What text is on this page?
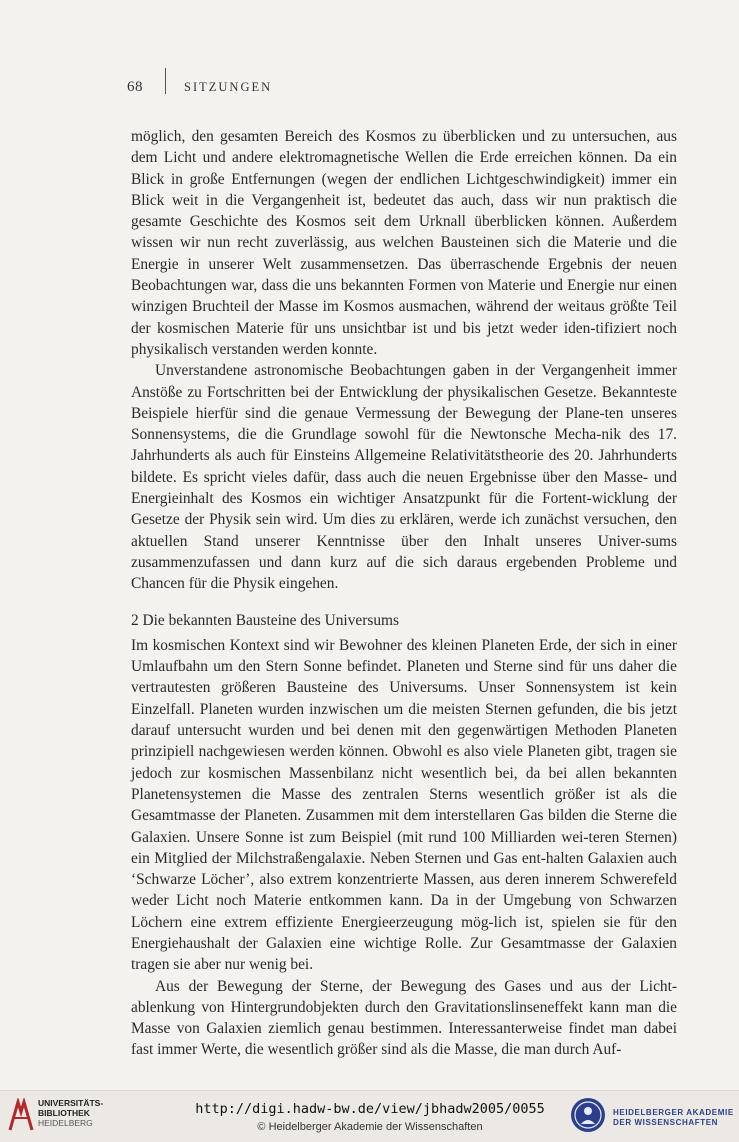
68	SITZUNGEN

möglich, den gesamten Bereich des Kosmos zu überblicken und zu untersuchen, aus dem Licht und andere elektromagnetische Wellen die Erde erreichen können. Da ein Blick in große Entfernungen (wegen der endlichen Lichtgeschwindigkeit) immer ein Blick weit in die Vergangenheit ist, bedeutet das auch, dass wir nun praktisch die gesamte Geschichte des Kosmos seit dem Urknall überblicken können. Außerdem wissen wir nun recht zuverlässig, aus welchen Bausteinen sich die Materie und die Energie in unserer Welt zusammensetzen. Das überraschende Ergebnis der neuen Beobachtungen war, dass die uns bekannten Formen von Materie und Energie nur einen winzigen Bruchteil der Masse im Kosmos ausmachen, während der weitaus größte Teil der kosmischen Materie für uns unsichtbar ist und bis jetzt weder iden-tifiziert noch physikalisch verstanden werden konnte.

Unverstandene astronomische Beobachtungen gaben in der Vergangenheit immer Anstöße zu Fortschritten bei der Entwicklung der physikalischen Gesetze. Bekannteste Beispiele hierfür sind die genaue Vermessung der Bewegung der Plane-ten unseres Sonnensystems, die die Grundlage sowohl für die Newtonsche Mecha-nik des 17. Jahrhunderts als auch für Einsteins Allgemeine Relativitätstheorie des 20. Jahrhunderts bildete. Es spricht vieles dafür, dass auch die neuen Ergebnisse über den Masse- und Energieinhalt des Kosmos ein wichtiger Ansatzpunkt für die Fortent-wicklung der Gesetze der Physik sein wird. Um dies zu erklären, werde ich zunächst versuchen, den aktuellen Stand unserer Kenntnisse über den Inhalt unseres Univer-sums zusammenzufassen und dann kurz auf die sich daraus ergebenden Probleme und Chancen für die Physik eingehen.

2 Die bekannten Bausteine des Universums

Im kosmischen Kontext sind wir Bewohner des kleinen Planeten Erde, der sich in einer Umlaufbahn um den Stern Sonne befindet. Planeten und Sterne sind für uns daher die vertrautesten größeren Bausteine des Universums. Unser Sonnensystem ist kein Einzelfall. Planeten wurden inzwischen um die meisten Sternen gefunden, die bis jetzt darauf untersucht wurden und bei denen mit den gegenwärtigen Methoden Planeten prinzipiell nachgewiesen werden können. Obwohl es also viele Planeten gibt, tragen sie jedoch zur kosmischen Massenbilanz nicht wesentlich bei, da bei allen bekannten Planetensystemen die Masse des zentralen Sterns wesentlich größer ist als die Gesamtmasse der Planeten. Zusammen mit dem interstellaren Gas bilden die Sterne die Galaxien. Unsere Sonne ist zum Beispiel (mit rund 100 Milliarden wei-teren Sternen) ein Mitglied der Milchstraßengalaxie. Neben Sternen und Gas ent-halten Galaxien auch ‘Schwarze Löcher’, also extrem konzentrierte Massen, aus deren innerem Schwerefeld weder Licht noch Materie entkommen kann. Da in der Umgebung von Schwarzen Löchern eine extrem effiziente Energieerzeugung mög-lich ist, spielen sie für den Energiehaushalt der Galaxien eine wichtige Rolle. Zur Gesamtmasse der Galaxien tragen sie aber nur wenig bei.

Aus der Bewegung der Sterne, der Bewegung des Gases und aus der Licht-ablenkung von Hintergrundobjekten durch den Gravitationslinseneffekt kann man die Masse von Galaxien ziemlich genau bestimmen. Interessanterweise findet man dabei fast immer Werte, die wesentlich größer sind als die Masse, die man durch Auf-

UNIVERSITÄTS-
BIBLIOTHEK
HEIDELBERG
http://digi.hadw-bw.de/view/jbhadw2005/0055
© Heidelberger Akademie der Wissenschaften
HEIDELBERGER AKADEMIE
DER WISSENSCHAFTEN
